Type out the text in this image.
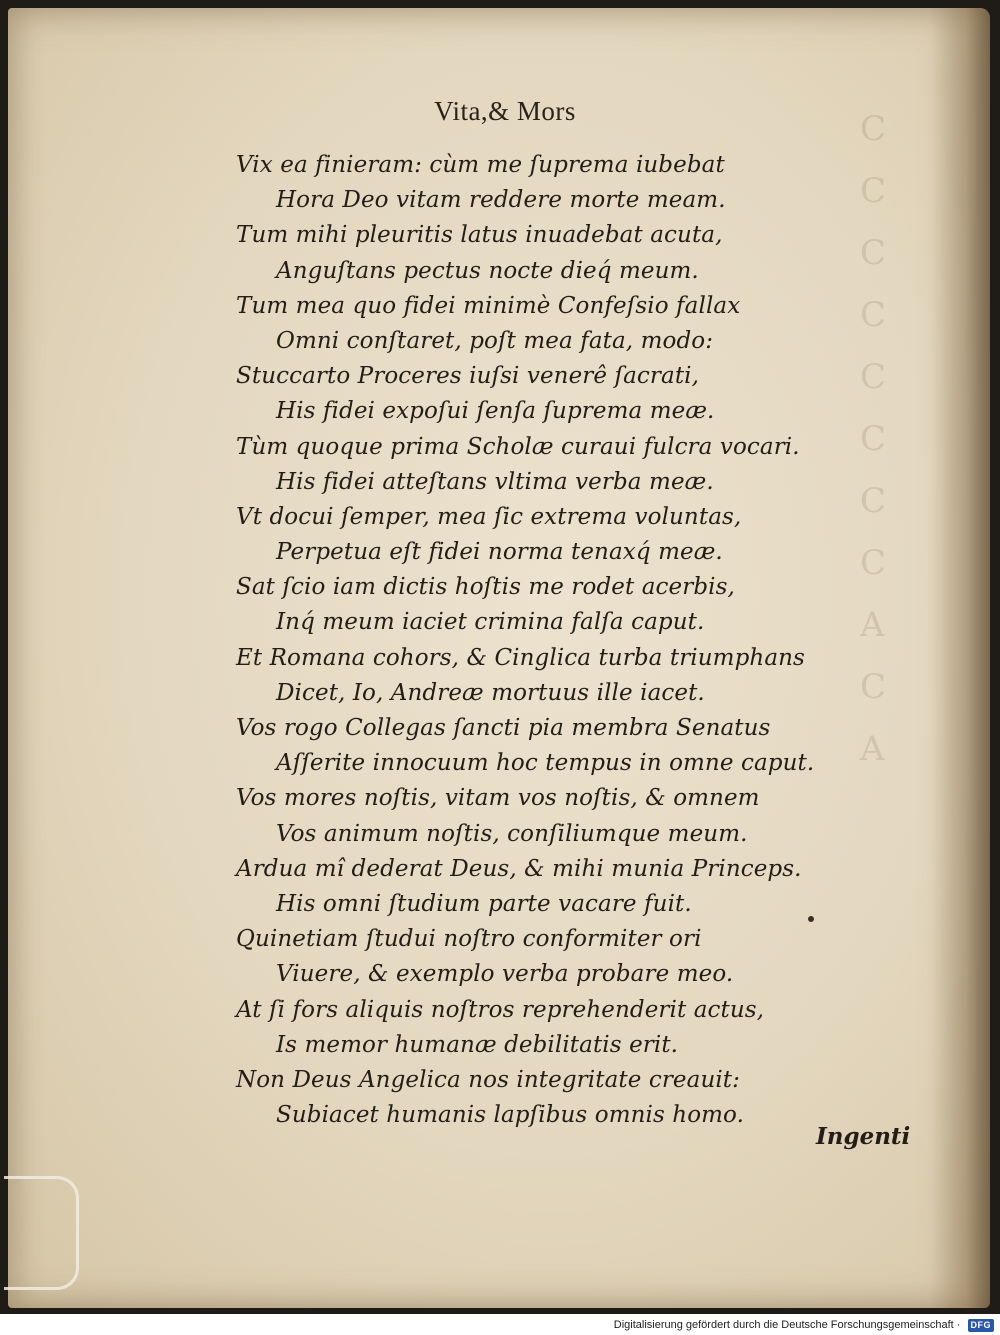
C
C
C
C
C
C
C
C
A
C
A
Vita,& Mors
Vix ea finieram: cùm me ſuprema iubebat
Hora Deo vitam reddere morte meam.
Tum mihi pleuritis latus inuadebat acuta,
Anguſtans pectus nocte dieq́ meum.
Tum mea quo fidei minimè Confeſsio fallax
Omni conſtaret, poſt mea fata, modo:
Stuccarto Proceres iuſsi venerê ſacrati,
His fidei expoſui ſenſa ſuprema meæ.
Tùm quoque prima Scholæ curaui fulcra vocari.
His fidei atteſtans vltima verba meæ.
Vt docui ſemper, mea ſic extrema voluntas,
Perpetua eſt fidei norma tenaxq́ meæ.
Sat ſcio iam dictis hoſtis me rodet acerbis,
Inq́ meum iaciet crimina falſa caput.
Et Romana cohors, & Cinglica turba triumphans
Dicet, Io, Andreæ mortuus ille iacet.
Vos rogo Collegas ſancti pia membra Senatus
Aſſerite innocuum hoc tempus in omne caput.
Vos mores noſtis, vitam vos noſtis, & omnem
Vos animum noſtis, conſiliumque meum.
Ardua mî dederat Deus, & mihi munia Princeps.
His omni ſtudium parte vacare fuit.
Quinetiam ſtudui noſtro conformiter ori
Viuere, & exemplo verba probare meo.
At ſi fors aliquis noſtros reprehenderit actus,
Is memor humanæ debilitatis erit.
Non Deus Angelica nos integritate creauit:
Subiacet humanis lapſibus omnis homo.
Ingenti
Digitalisierung gefördert durch die Deutsche Forschungsgemeinschaft · DFG
